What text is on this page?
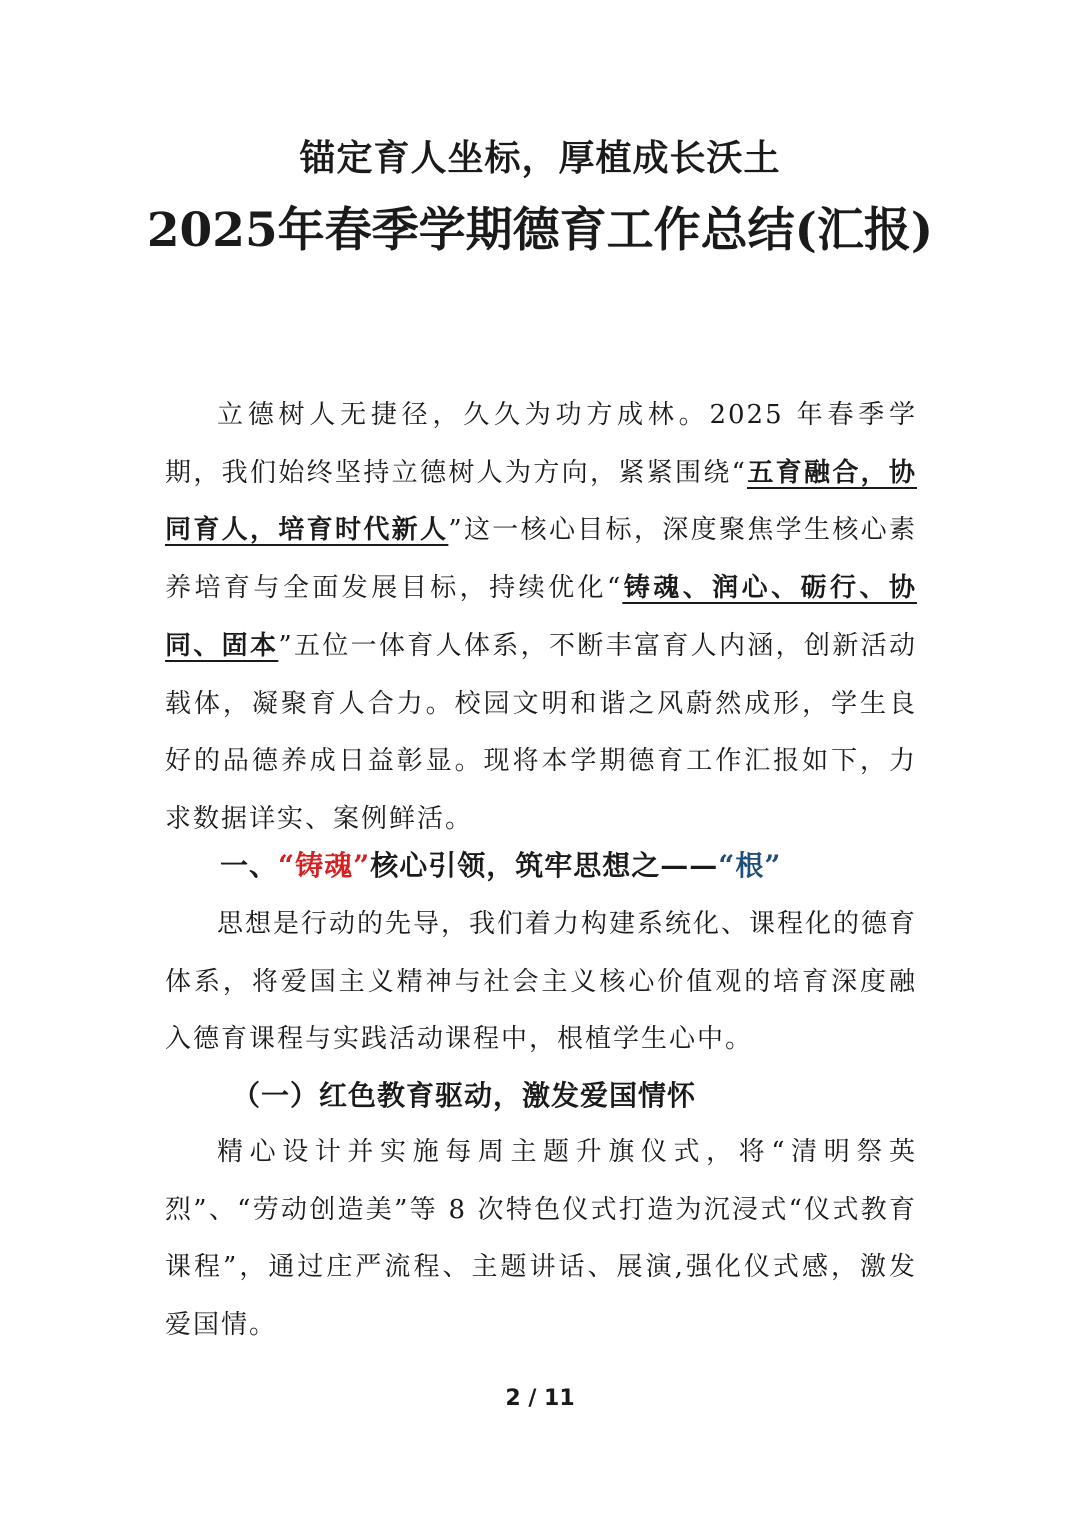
锚定育人坐标，厚植成长沃土
2025年春季学期德育工作总结(汇报)

立德树人无捷径，久久为功方成林。2025 年春季学期，我们始终坚持立德树人为方向，紧紧围绕“五育融合，协同育人，培育时代新人”这一核心目标，深度聚焦学生核心素养培育与全面发展目标，持续优化“铸魂、润心、砺行、协同、固本”五位一体育人体系，不断丰富育人内涵，创新活动载体，凝聚育人合力。校园文明和谐之风蔚然成形，学生良好的品德养成日益彰显。现将本学期德育工作汇报如下，力求数据详实、案例鲜活。

一、“铸魂”核心引领，筑牢思想之——“根”

思想是行动的先导，我们着力构建系统化、课程化的德育体系，将爱国主义精神与社会主义核心价值观的培育深度融入德育课程与实践活动课程中，根植学生心中。

（一）红色教育驱动，激发爱国情怀

精心设计并实施每周主题升旗仪式，将“清明祭英烈”、“劳动创造美”等 8 次特色仪式打造为沉浸式“仪式教育课程”，通过庄严流程、主题讲话、展演,强化仪式感，激发爱国情。

2 / 11
